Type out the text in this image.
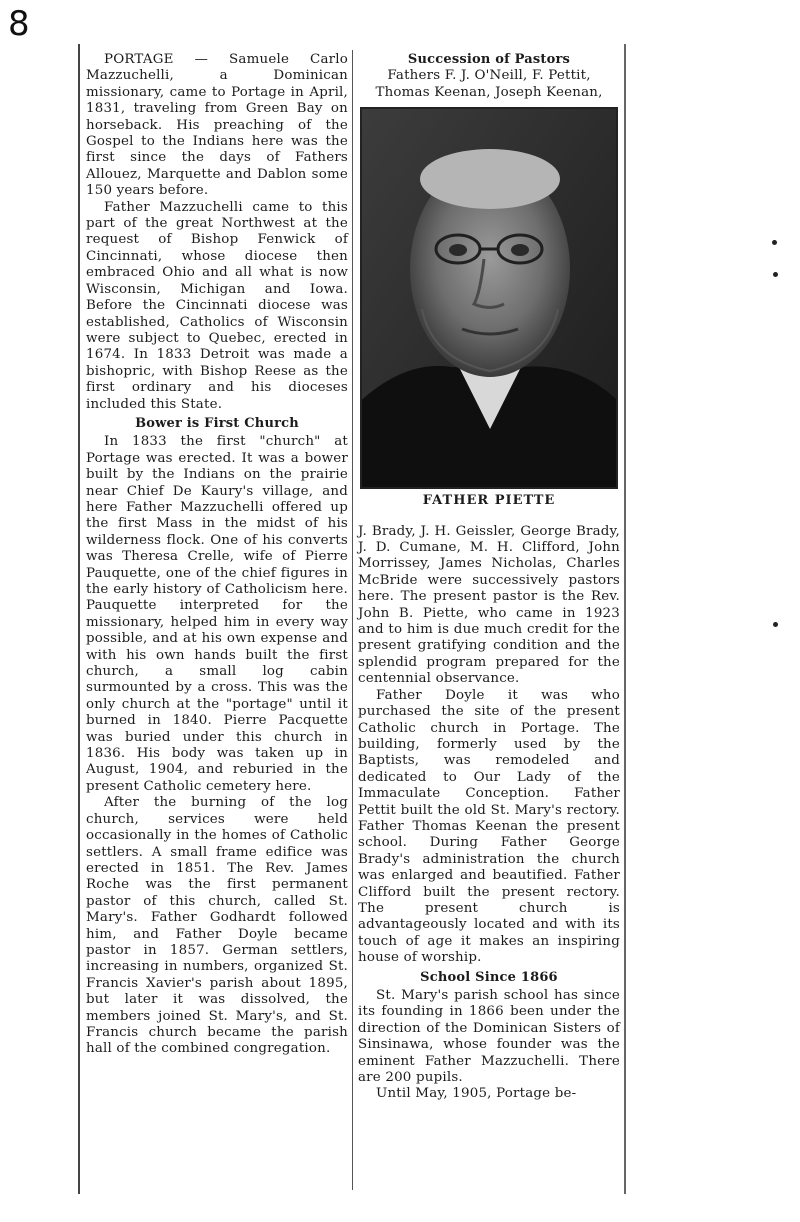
8

PORTAGE — Samuele Carlo Mazzuchelli, a Dominican missionary, came to Portage in April, 1831, traveling from Green Bay on horseback. His preaching of the Gospel to the Indians here was the first since the days of Fathers Allouez, Marquette and Dablon some 150 years before.

Father Mazzuchelli came to this part of the great Northwest at the request of Bishop Fenwick of Cincinnati, whose diocese then embraced Ohio and all what is now Wisconsin, Michigan and Iowa. Before the Cincinnati diocese was established, Catholics of Wisconsin were subject to Quebec, erected in 1674. In 1833 Detroit was made a bishopric, with Bishop Reese as the first ordinary and his dioceses included this State.

Bower is First Church

In 1833 the first "church" at Portage was erected. It was a bower built by the Indians on the prairie near Chief De Kaury's village, and here Father Mazzuchelli offered up the first Mass in the midst of his wilderness flock. One of his converts was Theresa Crelle, wife of Pierre Pauquette, one of the chief figures in the early history of Catholicism here. Pauquette interpreted for the missionary, helped him in every way possible, and at his own expense and with his own hands built the first church, a small log cabin surmounted by a cross. This was the only church at the "portage" until it burned in 1840. Pierre Pacquette was buried under this church in 1836. His body was taken up in August, 1904, and reburied in the present Catholic cemetery here.

After the burning of the log church, services were held occasionally in the homes of Catholic settlers. A small frame edifice was erected in 1851. The Rev. James Roche was the first permanent pastor of this church, called St. Mary's. Father Godhardt followed him, and Father Doyle became pastor in 1857. German settlers, increasing in numbers, organized St. Francis Xavier's parish about 1895, but later it was dissolved, the members joined St. Mary's, and St. Francis church became the parish hall of the combined congregation.

Succession of Pastors
Fathers F. J. O'Neill, F. Pettit, Thomas Keenan, Joseph Keenan,
FATHER PIETTE

J. Brady, J. H. Geissler, George Brady, J. D. Cumane, M. H. Clifford, John Morrissey, James Nicholas, Charles McBride were successively pastors here. The present pastor is the Rev. John B. Piette, who came in 1923 and to him is due much credit for the present gratifying condition and the splendid program prepared for the centennial observance.

Father Doyle it was who purchased the site of the present Catholic church in Portage. The building, formerly used by the Baptists, was remodeled and dedicated to Our Lady of the Immaculate Conception. Father Pettit built the old St. Mary's rectory. Father Thomas Keenan the present school. During Father George Brady's administration the church was enlarged and beautified. Father Clifford built the present rectory. The present church is advantageously located and with its touch of age it makes an inspiring house of worship.

School Since 1866

St. Mary's parish school has since its founding in 1866 been under the direction of the Dominican Sisters of Sinsinawa, whose founder was the eminent Father Mazzuchelli. There are 200 pupils.

Until May, 1905, Portage be-
